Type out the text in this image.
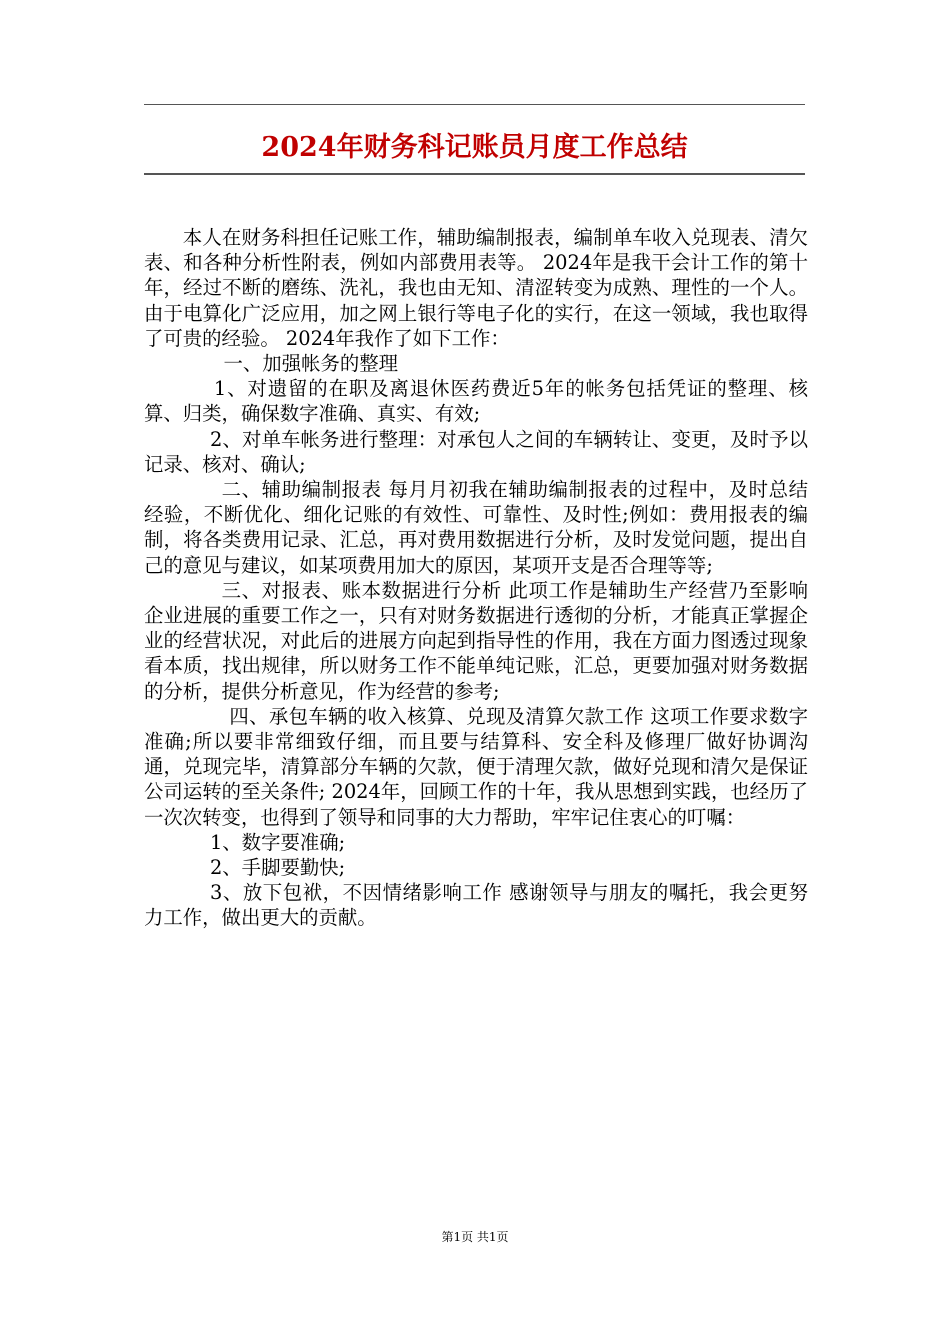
2024年财务科记账员月度工作总结

本人在财务科担任记账工作，辅助编制报表，编制单车收入兑现表、清欠表、和各种分析性附表，例如内部费用表等。 2024年是我干会计工作的第十年，经过不断的磨练、洗礼，我也由无知、清涩转变为成熟、理性的一个人。 由于电算化广泛应用，加之网上银行等电子化的实行，在这一领域，我也取得了可贵的经验。 2024年我作了如下工作：

一、加强帐务的整理

1、对遗留的在职及离退休医药费近5年的帐务包括凭证的整理、核算、归类，确保数字准确、真实、有效;

2、对单车帐务进行整理：对承包人之间的车辆转让、变更，及时予以记录、核对、确认;

二、辅助编制报表 每月月初我在辅助编制报表的过程中，及时总结经验，不断优化、细化记账的有效性、可靠性、及时性;例如：费用报表的编制，将各类费用记录、汇总，再对费用数据进行分析，及时发觉问题，提出自己的意见与建议，如某项费用加大的原因，某项开支是否合理等等;

三、对报表、账本数据进行分析 此项工作是辅助生产经营乃至影响企业进展的重要工作之一，只有对财务数据进行透彻的分析，才能真正掌握企业的经营状况，对此后的进展方向起到指导性的作用，我在方面力图透过现象看本质，找出规律，所以财务工作不能单纯记账，汇总，更要加强对财务数据的分析，提供分析意见，作为经营的参考;

四、承包车辆的收入核算、兑现及清算欠款工作 这项工作要求数字准确;所以要非常细致仔细，而且要与结算科、安全科及修理厂做好协调沟通，兑现完毕，清算部分车辆的欠款，便于清理欠款，做好兑现和清欠是保证公司运转的至关条件; 2024年，回顾工作的十年，我从思想到实践，也经历了一次次转变，也得到了领导和同事的大力帮助，牢牢记住衷心的叮嘱：

1、数字要准确;

2、手脚要勤快;

3、放下包袱，不因情绪影响工作 感谢领导与朋友的嘱托，我会更努力工作，做出更大的贡献。

第1页 共1页
